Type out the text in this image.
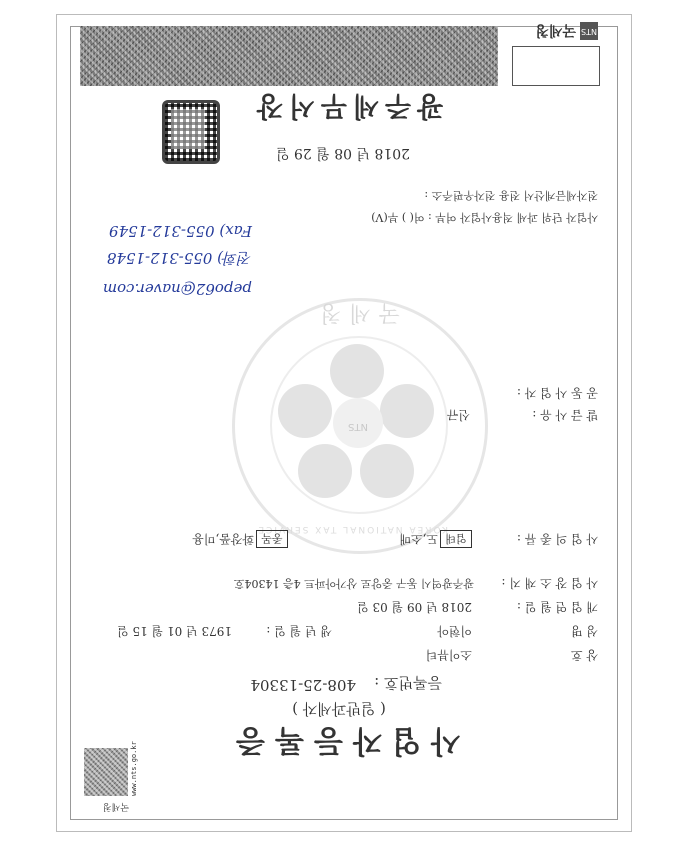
NTS
국세청
광주세무서장
2018 년 08 월 29 일
전자세금계산서 전용 전자우편주소 :
사업자 단위 과세 적용사업자 여부 : 여( ) 부(V)
Fax) 055-312-1549
전화) 055-312-1548
pepo62@naver.com
NTS
국세청
KOREA NATIONAL TAX SERVICE
공 동 사 업 자 :
발 급 사 유 :
신규
사 업 의 종 류 :
업태
도,소매
종목
화장품,미용
사 업 장 소 재 지 :
광주광역시 동구 중앙로 상가아파트 4층 14304호
개 업 연 월 일 :
2018 년 09 월 03 일
성 명
이현아
생 년 월 일 :
1973 년 01 월 15 일
상 호
소이뷰티
408-25-13304	등록번호 :
( 일반과세자 )
사업자등록증
www.nts.go.kr
국세청
